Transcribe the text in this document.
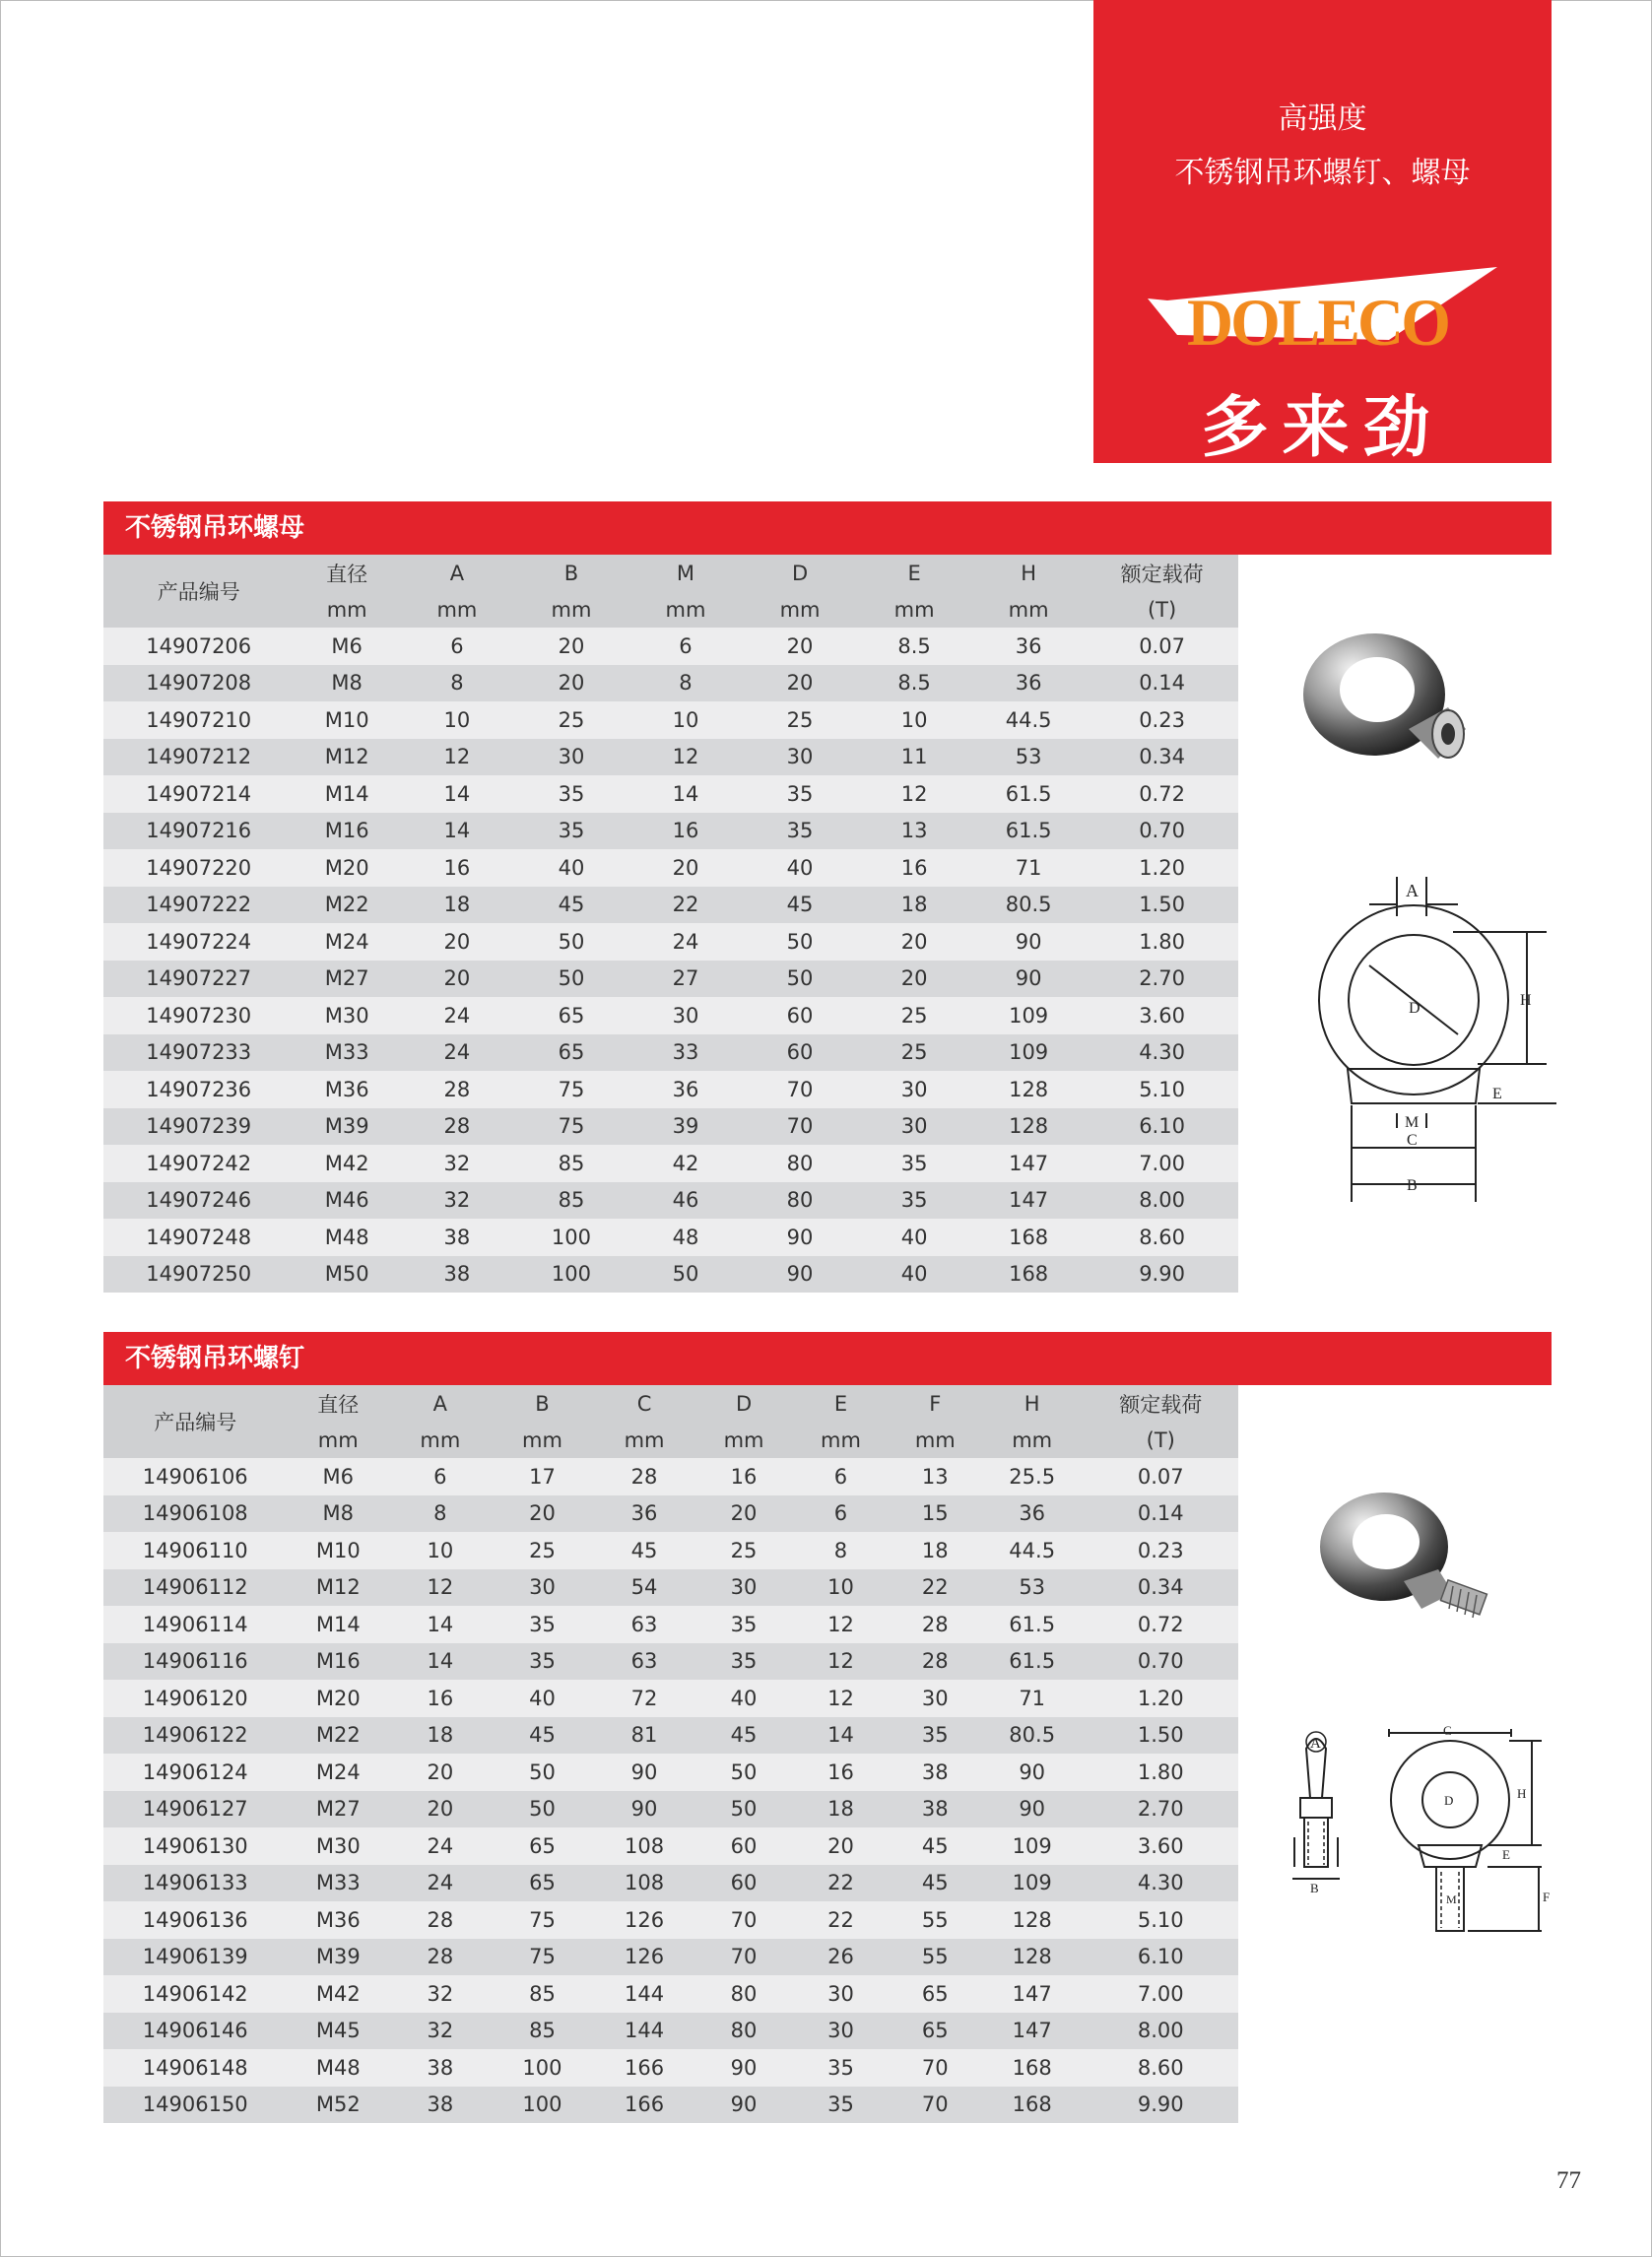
高强度
不锈钢吊环螺钉、螺母
DOLECO
多来劲
不锈钢吊环螺母
产品编号	直径	A	B	M	D	E	H	额定载荷
	mm	mm	mm	mm	mm	mm	mm	(T)
14907206	M6	6	20	6	20	8.5	36	0.07
14907208	M8	8	20	8	20	8.5	36	0.14
14907210	M10	10	25	10	25	10	44.5	0.23
14907212	M12	12	30	12	30	11	53	0.34
14907214	M14	14	35	14	35	12	61.5	0.72
14907216	M16	14	35	16	35	13	61.5	0.70
14907220	M20	16	40	20	40	16	71	1.20
14907222	M22	18	45	22	45	18	80.5	1.50
14907224	M24	20	50	24	50	20	90	1.80
14907227	M27	20	50	27	50	20	90	2.70
14907230	M30	24	65	30	60	25	109	3.60
14907233	M33	24	65	33	60	25	109	4.30
14907236	M36	28	75	36	70	30	128	5.10
14907239	M39	28	75	39	70	30	128	6.10
14907242	M42	32	85	42	80	35	147	7.00
14907246	M46	32	85	46	80	35	147	8.00
14907248	M48	38	100	48	90	40	168	8.60
14907250	M50	38	100	50	90	40	168	9.90
A
H
D
E
M
C
B
不锈钢吊环螺钉
产品编号	直径	A	B	C	D	E	F	H	额定载荷
	mm	mm	mm	mm	mm	mm	mm	mm	(T)
14906106	M6	6	17	28	16	6	13	25.5	0.07
14906108	M8	8	20	36	20	6	15	36	0.14
14906110	M10	10	25	45	25	8	18	44.5	0.23
14906112	M12	12	30	54	30	10	22	53	0.34
14906114	M14	14	35	63	35	12	28	61.5	0.72
14906116	M16	14	35	63	35	12	28	61.5	0.70
14906120	M20	16	40	72	40	12	30	71	1.20
14906122	M22	18	45	81	45	14	35	80.5	1.50
14906124	M24	20	50	90	50	16	38	90	1.80
14906127	M27	20	50	90	50	18	38	90	2.70
14906130	M30	24	65	108	60	20	45	109	3.60
14906133	M33	24	65	108	60	22	45	109	4.30
14906136	M36	28	75	126	70	22	55	128	5.10
14906139	M39	28	75	126	70	26	55	128	6.10
14906142	M42	32	85	144	80	30	65	147	7.00
14906146	M45	32	85	144	80	30	65	147	8.00
14906148	M48	38	100	166	90	35	70	168	8.60
14906150	M52	38	100	166	90	35	70	168	9.90
A
B
C
D	H
E
F
M
77
